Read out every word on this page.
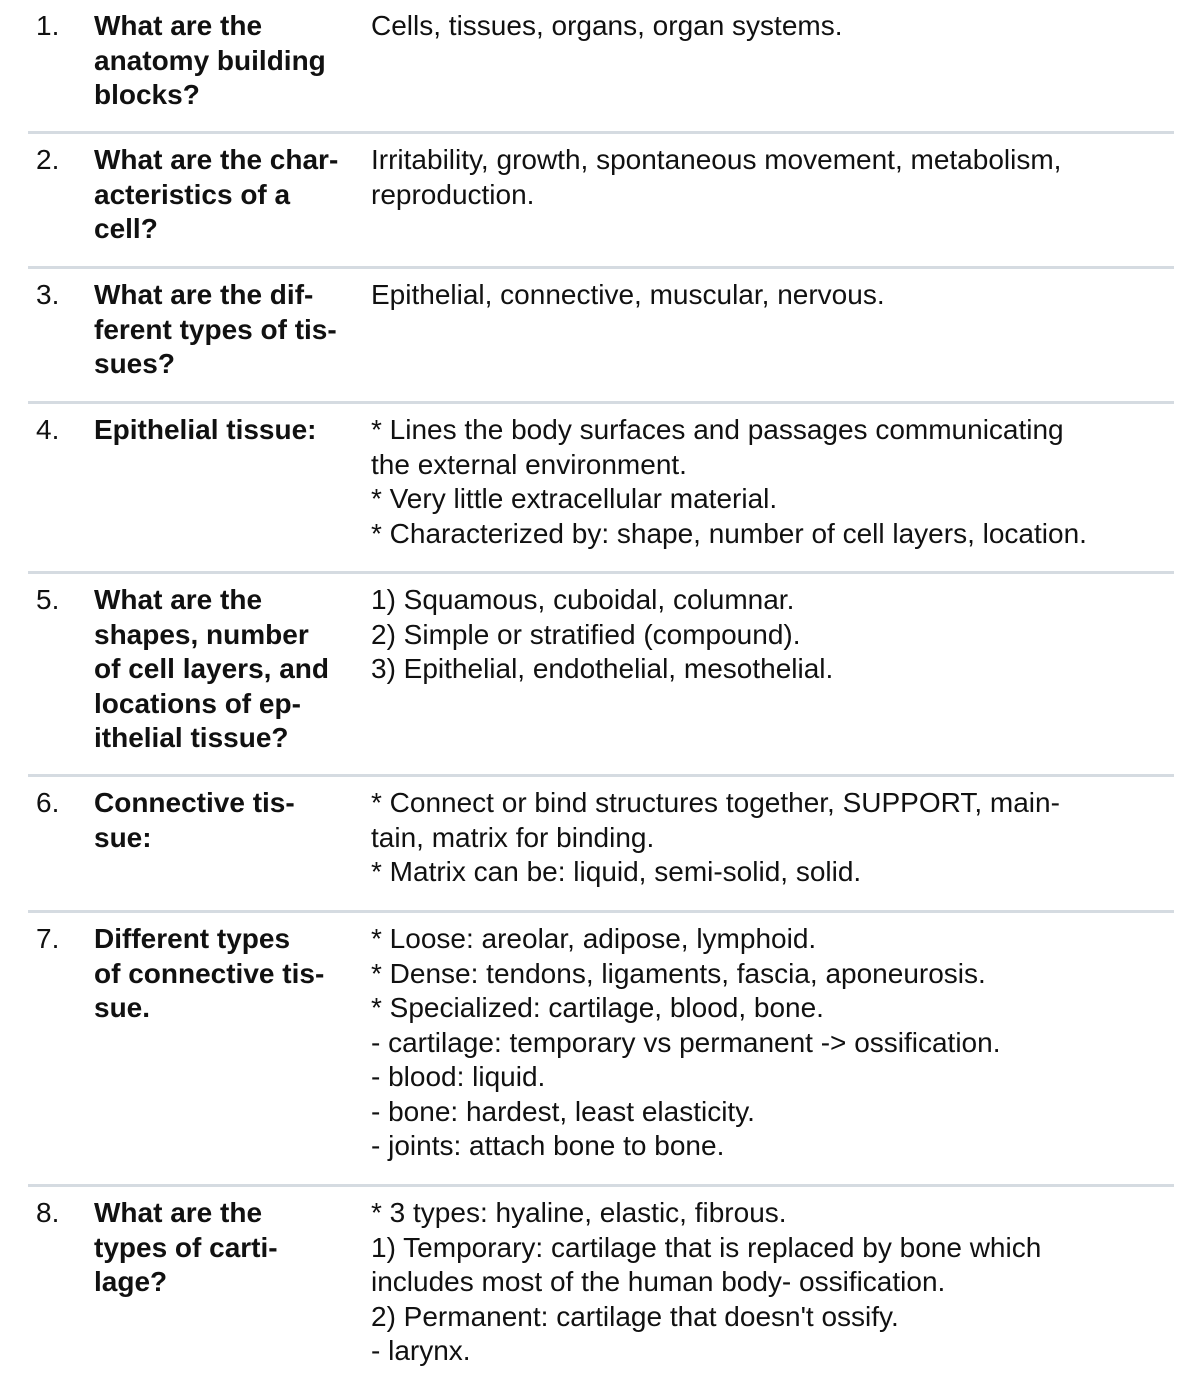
1. What are the
anatomy building
blocks?
Cells, tissues, organs, organ systems.
2. What are the char-
acteristics of a
cell?
Irritability, growth, spontaneous movement, metabolism,
reproduction.
3. What are the dif-
ferent types of tis-
sues?
Epithelial, connective, muscular, nervous.
4. Epithelial tissue:	* Lines the body surfaces and passages communicating
the external environment.
* Very little extracellular material.
* Characterized by: shape, number of cell layers, location.
5. What are the
shapes, number
of cell layers, and
locations of ep-
ithelial tissue?
1) Squamous, cuboidal, columnar.
2) Simple or stratified (compound).
3) Epithelial, endothelial, mesothelial.
6. Connective tis-
sue:
* Connect or bind structures together, SUPPORT, main-
tain, matrix for binding.
* Matrix can be: liquid, semi-solid, solid.
7. Different types
of connective tis-
sue.
* Loose: areolar, adipose, lymphoid.
* Dense: tendons, ligaments, fascia, aponeurosis.
* Specialized: cartilage, blood, bone.
- cartilage: temporary vs permanent -> ossification.
- blood: liquid.
- bone: hardest, least elasticity.
- joints: attach bone to bone.
8. What are the
types of carti-
lage?
* 3 types: hyaline, elastic, fibrous.
1) Temporary: cartilage that is replaced by bone which
includes most of the human body- ossification.
2) Permanent: cartilage that doesn't ossify.
- larynx.
